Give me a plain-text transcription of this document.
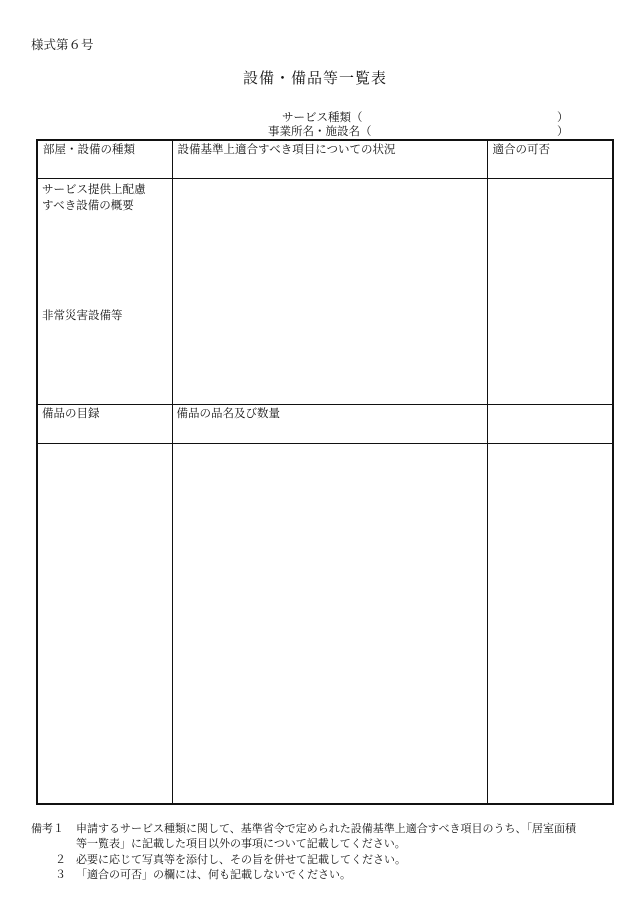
様式第６号
設備・備品等一覧表
サービス種類（	）
事業所名・施設名（	）
部屋・設備の種類	設備基準上適合すべき項目についての状況	適合の可否

サービス提供上配慮
すべき設備の概要
非常災害設備等		

備品の目録	備品の品名及び数量	

備考１ 申請するサービス種類に関して、基準省令で定められた設備基準上適合すべき項目のうち、「居室面積
等一覧表」に記載した項目以外の事項について記載してください。
２ 必要に応じて写真等を添付し、その旨を併せて記載してください。
３ 「適合の可否」の欄には、何も記載しないでください。
